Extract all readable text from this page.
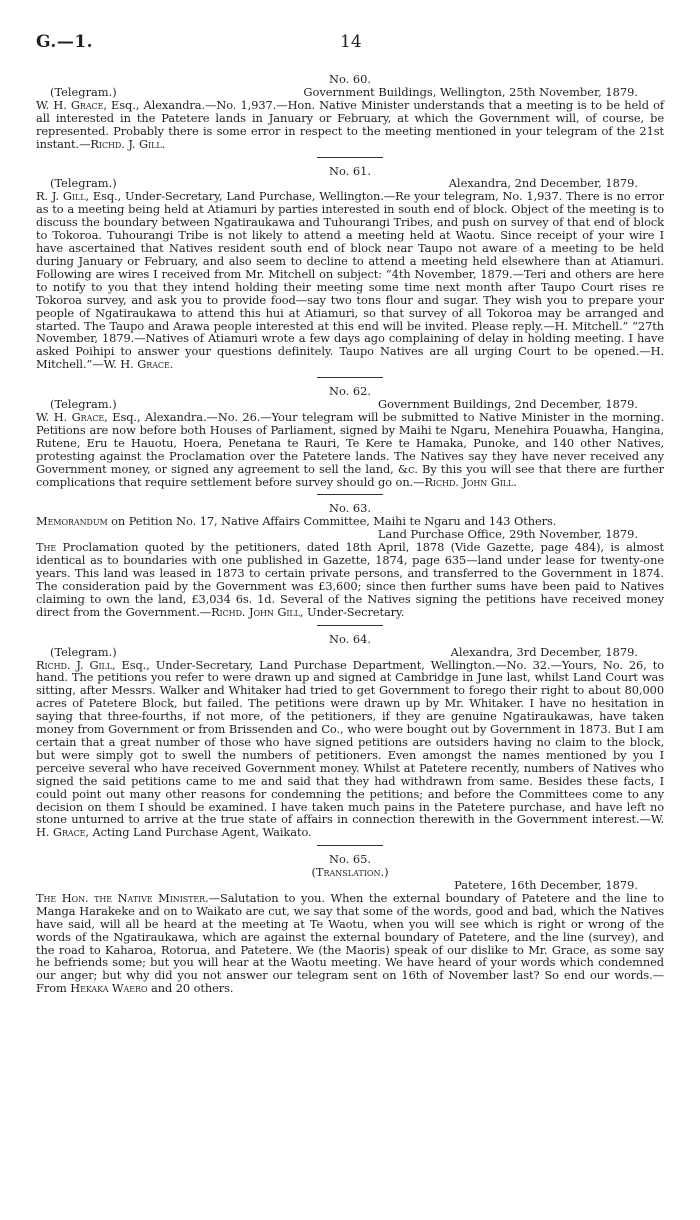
G.—1.	14

No. 60.

(Telegram.)	Government Buildings, Wellington, 25th November, 1879.

W. H. Grace, Esq., Alexandra.—No. 1,937.—Hon. Native Minister understands that a meeting is to be held of all interested in the Patetere lands in January or February, at which the Government will, of course, be represented. Probably there is some error in respect to the meeting mentioned in your telegram of the 21st instant.—Richd. J. Gill.

No. 61.

(Telegram.)	Alexandra, 2nd December, 1879.

R. J. Gill, Esq., Under-Secretary, Land Purchase, Wellington.—Re your telegram, No. 1,937. There is no error as to a meeting being held at Atiamuri by parties interested in south end of block. Object of the meeting is to discuss the boundary between Ngatiraukawa and Tuhourangi Tribes, and push on survey of that end of block to Tokoroa. Tuhourangi Tribe is not likely to attend a meeting held at Waotu. Since receipt of your wire I have ascertained that Natives resident south end of block near Taupo not aware of a meeting to be held during January or February, and also seem to decline to attend a meeting held elsewhere than at Atiamuri. Following are wires I received from Mr. Mitchell on subject: “4th November, 1879.—Teri and others are here to notify to you that they intend holding their meeting some time next month after Taupo Court rises re Tokoroa survey, and ask you to provide food—say two tons flour and sugar. They wish you to prepare your people of Ngatiraukawa to attend this hui at Atiamuri, so that survey of all Tokoroa may be arranged and started. The Taupo and Arawa people interested at this end will be invited. Please reply.—H. Mitchell.” “27th November, 1879.—Natives of Atiamuri wrote a few days ago complaining of delay in holding meeting. I have asked Poihipi to answer your questions definitely. Taupo Natives are all urging Court to be opened.—H. Mitchell.”—W. H. Grace.

No. 62.

(Telegram.)	Government Buildings, 2nd December, 1879.

W. H. Grace, Esq., Alexandra.—No. 26.—Your telegram will be submitted to Native Minister in the morning. Petitions are now before both Houses of Parliament, signed by Maihi te Ngaru, Menehira Pouawha, Hangina, Rutene, Eru te Hauotu, Hoera, Penetana te Rauri, Te Kere te Hamaka, Punoke, and 140 other Natives, protesting against the Proclamation over the Patetere lands. The Natives say they have never received any Government money, or signed any agreement to sell the land, &c. By this you will see that there are further complications that require settlement before survey should go on.—Richd. John Gill.

No. 63.

Memorandum on Petition No. 17, Native Affairs Committee, Maihi te Ngaru and 143 Others.

Land Purchase Office, 29th November, 1879.

The Proclamation quoted by the petitioners, dated 18th April, 1878 (Vide Gazette, page 484), is almost identical as to boundaries with one published in Gazette, 1874, page 635—land under lease for twenty-one years. This land was leased in 1873 to certain private persons, and transferred to the Government in 1874. The consideration paid by the Government was £3,600; since then further sums have been paid to Natives claiming to own the land, £3,034 6s. 1d. Several of the Natives signing the petitions have received money direct from the Government.—Richd. John Gill, Under-Secretary.

No. 64.

(Telegram.)	Alexandra, 3rd December, 1879.

Richd. J. Gill, Esq., Under-Secretary, Land Purchase Department, Wellington.—No. 32.—Yours, No. 26, to hand. The petitions you refer to were drawn up and signed at Cambridge in June last, whilst Land Court was sitting, after Messrs. Walker and Whitaker had tried to get Government to forego their right to about 80,000 acres of Patetere Block, but failed. The petitions were drawn up by Mr. Whitaker. I have no hesitation in saying that three-fourths, if not more, of the petitioners, if they are genuine Ngatiraukawas, have taken money from Government or from Brissenden and Co., who were bought out by Government in 1873. But I am certain that a great number of those who have signed petitions are outsiders having no claim to the block, but were simply got to swell the numbers of petitioners. Even amongst the names mentioned by you I perceive several who have received Government money. Whilst at Patetere recently, numbers of Natives who signed the said petitions came to me and said that they had withdrawn from same. Besides these facts, I could point out many other reasons for condemning the petitions; and before the Committees come to any decision on them I should be examined. I have taken much pains in the Patetere purchase, and have left no stone unturned to arrive at the true state of affairs in connection therewith in the Government interest.—W. H. Grace, Acting Land Purchase Agent, Waikato.

No. 65.

(Translation.)

Patetere, 16th December, 1879.

The Hon. the Native Minister.—Salutation to you. When the external boundary of Patetere and the line to Manga Harakeke and on to Waikato are cut, we say that some of the words, good and bad, which the Natives have said, will all be heard at the meeting at Te Waotu, when you will see which is right or wrong of the words of the Ngatiraukawa, which are against the external boundary of Patetere, and the line (survey), and the road to Kaharoa, Rotorua, and Patetere. We (the Maoris) speak of our dislike to Mr. Grace, as some say he befriends some; but you will hear at the Waotu meeting. We have heard of your words which condemned our anger; but why did you not answer our telegram sent on 16th of November last? So end our words.—From Hekaka Waero and 20 others.
